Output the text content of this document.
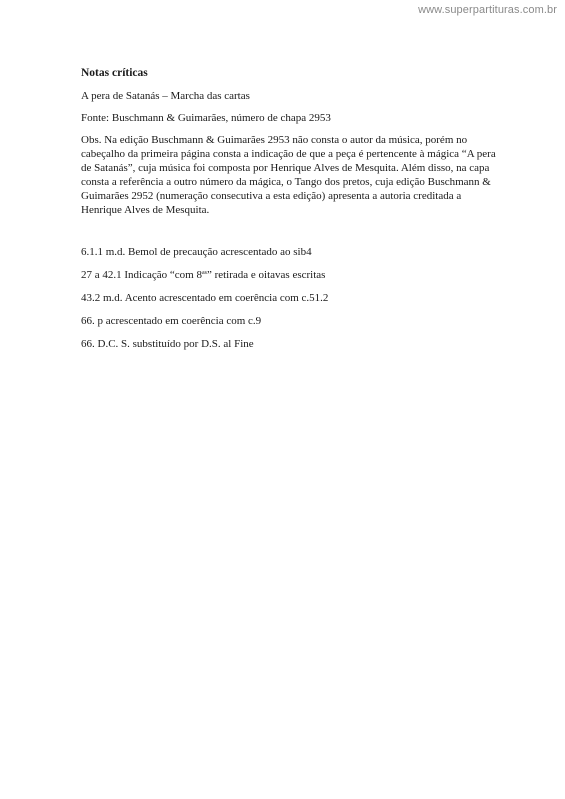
www.superpartituras.com.br
Notas críticas
A pera de Satanás – Marcha das cartas
Fonte: Buschmann & Guimarães, número de chapa 2953
Obs. Na edição Buschmann & Guimarães 2953 não consta o autor da música, porém no cabeçalho da primeira página consta a indicação de que a peça é pertencente à mágica “A pera de Satanás”, cuja música foi composta por Henrique Alves de Mesquita. Além disso, na capa consta a referência a outro número da mágica, o Tango dos pretos, cuja edição Buschmann & Guimarães 2952 (numeração consecutiva a esta edição) apresenta a autoria creditada a Henrique Alves de Mesquita.
6.1.1 m.d. Bemol de precaução acrescentado ao sib4
27 a 42.1 Indicação “com $8^{as}$” retirada e oitavas escritas
43.2 m.d. Acento acrescentado em coerência com c.51.2
66. p acrescentado em coerência com c.9
66. D.C. S. substituído por D.S. al Fine
